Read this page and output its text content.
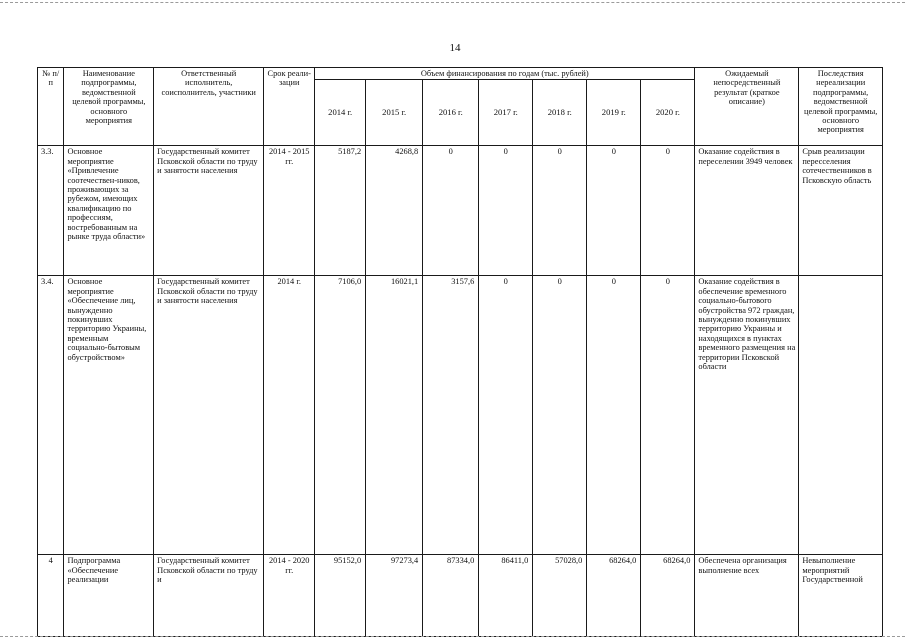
14
№ п/п	Наименование подпрограммы, ведомственной целевой программы, основного мероприятия	Ответственный исполнитель, соисполнитель, участники	Срок реали-зации	Объем финансирования по годам (тыс. рублей)							Ожидаемый непосредственный результат (краткое описание)	Последствия нереализации подпрограммы, ведомственной целевой программы, основного мероприятия
				2014 г.	2015 г.	2016 г.	2017 г.	2018 г.	2019 г.	2020 г.		
3.3.	Основное мероприятие «Привлечение соотечествен-ников, проживающих за рубежом, имеющих квалификацию по профессиям, востребованным на рынке труда области»	Государственный комитет Псковской области по труду и занятости населения	2014 - 2015 гг.	5187,2	4268,8	0	0	0	0	0	Оказание содействия в переселении 3949 человек	Срыв реализации пересселения сотечественников в Псковскую область
3.4.	Основное мероприятие «Обеспечение лиц, вынужденно покинувших территорию Украины, временным социально-бытовым обустройством»	Государственный комитет Псковской области по труду и занятости населения	2014 г.	7106,0	16021,1	3157,6	0	0	0	0	Оказание содействия в обеспечение временного социально-бытового обустройства 972 граждан, вынужденно покинувших территорию Украины и находящихся в пунктах временного размещения на территории Псковской области	
4	Подпрограмма «Обеспечение реализации	Государственный комитет Псковской области по труду и	2014 - 2020 гг.	95152,0	97273,4	87334,0	86411,0	57028,0	68264,0	68264,0	Обеспечена организация выполнение всех	Невыполнение мероприятий Государственной
